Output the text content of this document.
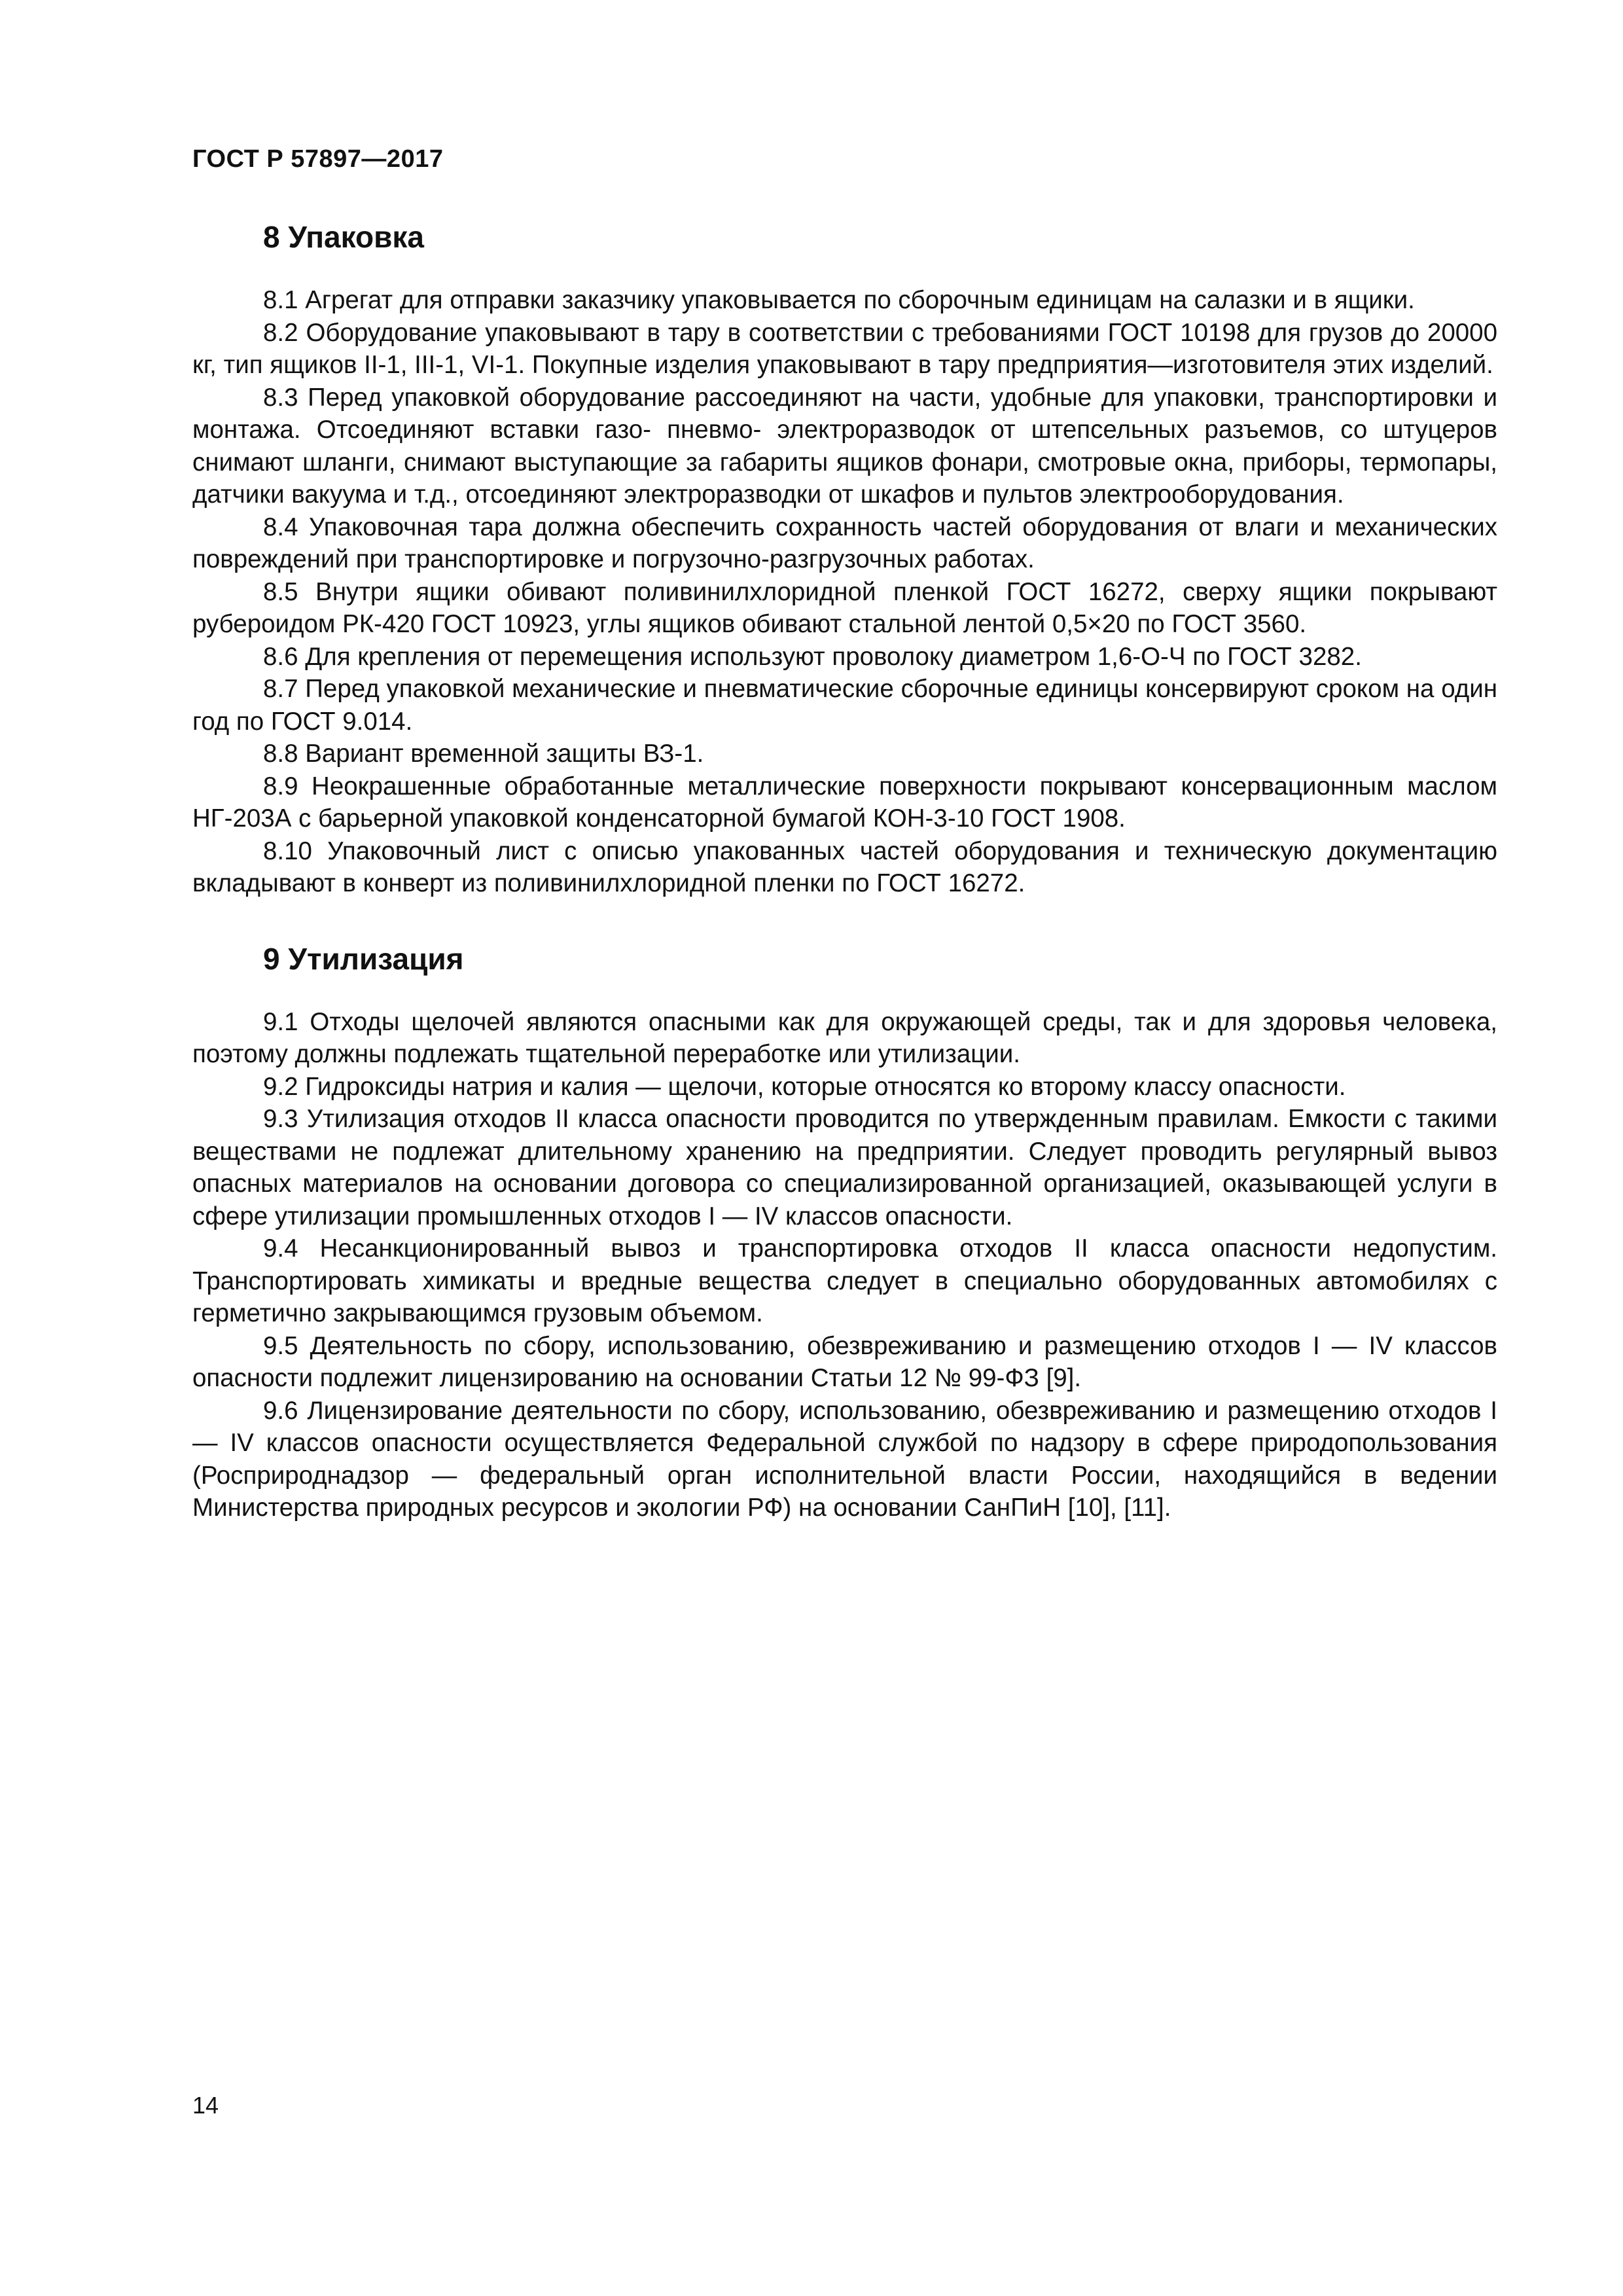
ГОСТ Р 57897—2017
8 Упаковка

8.1 Агрегат для отправки заказчику упаковывается по сборочным единицам на салазки и в ящики.

8.2 Оборудование упаковывают в тару в соответствии с требованиями ГОСТ 10198 для грузов до 20000 кг, тип ящиков II-1, III-1, VI-1. Покупные изделия упаковывают в тару предприятия—изготовителя этих изделий.

8.3 Перед упаковкой оборудование рассоединяют на части, удобные для упаковки, транспортировки и монтажа. Отсоединяют вставки газо- пневмо- электроразводок от штепсельных разъемов, со штуцеров снимают шланги, снимают выступающие за габариты ящиков фонари, смотровые окна, приборы, термопары, датчики вакуума и т.д., отсоединяют электроразводки от шкафов и пультов электрооборудования.

8.4 Упаковочная тара должна обеспечить сохранность частей оборудования от влаги и механических повреждений при транспортировке и погрузочно-разгрузочных работах.

8.5 Внутри ящики обивают поливинилхлоридной пленкой ГОСТ 16272, сверху ящики покрывают рубероидом РК-420 ГОСТ 10923, углы ящиков обивают стальной лентой 0,5×20 по ГОСТ 3560.

8.6 Для крепления от перемещения используют проволоку диаметром 1,6-О-Ч по ГОСТ 3282.

8.7 Перед упаковкой механические и пневматические сборочные единицы консервируют сроком на один год по ГОСТ 9.014.

8.8 Вариант временной защиты ВЗ-1.

8.9 Неокрашенные обработанные металлические поверхности покрывают консервационным маслом НГ-203А с барьерной упаковкой конденсаторной бумагой КОН-3-10 ГОСТ 1908.

8.10 Упаковочный лист с описью упакованных частей оборудования и техническую документацию вкладывают в конверт из поливинилхлоридной пленки по ГОСТ 16272.

9 Утилизация

9.1 Отходы щелочей являются опасными как для окружающей среды, так и для здоровья человека, поэтому должны подлежать тщательной переработке или утилизации.

9.2 Гидроксиды натрия и калия — щелочи, которые относятся ко второму классу опасности.

9.3 Утилизация отходов II класса опасности проводится по утвержденным правилам. Емкости с такими веществами не подлежат длительному хранению на предприятии. Следует проводить регулярный вывоз опасных материалов на основании договора со специализированной организацией, оказывающей услуги в сфере утилизации промышленных отходов I — IV классов опасности.

9.4 Несанкционированный вывоз и транспортировка отходов II класса опасности недопустим. Транспортировать химикаты и вредные вещества следует в специально оборудованных автомобилях с герметично закрывающимся грузовым объемом.

9.5 Деятельность по сбору, использованию, обезвреживанию и размещению отходов I — IV классов опасности подлежит лицензированию на основании Статьи 12 № 99-ФЗ [9].

9.6 Лицензирование деятельности по сбору, использованию, обезвреживанию и размещению отходов I — IV классов опасности осуществляется Федеральной службой по надзору в сфере природопользования (Росприроднадзор — федеральный орган исполнительной власти России, находящийся в ведении Министерства природных ресурсов и экологии РФ) на основании СанПиН [10], [11].

14
